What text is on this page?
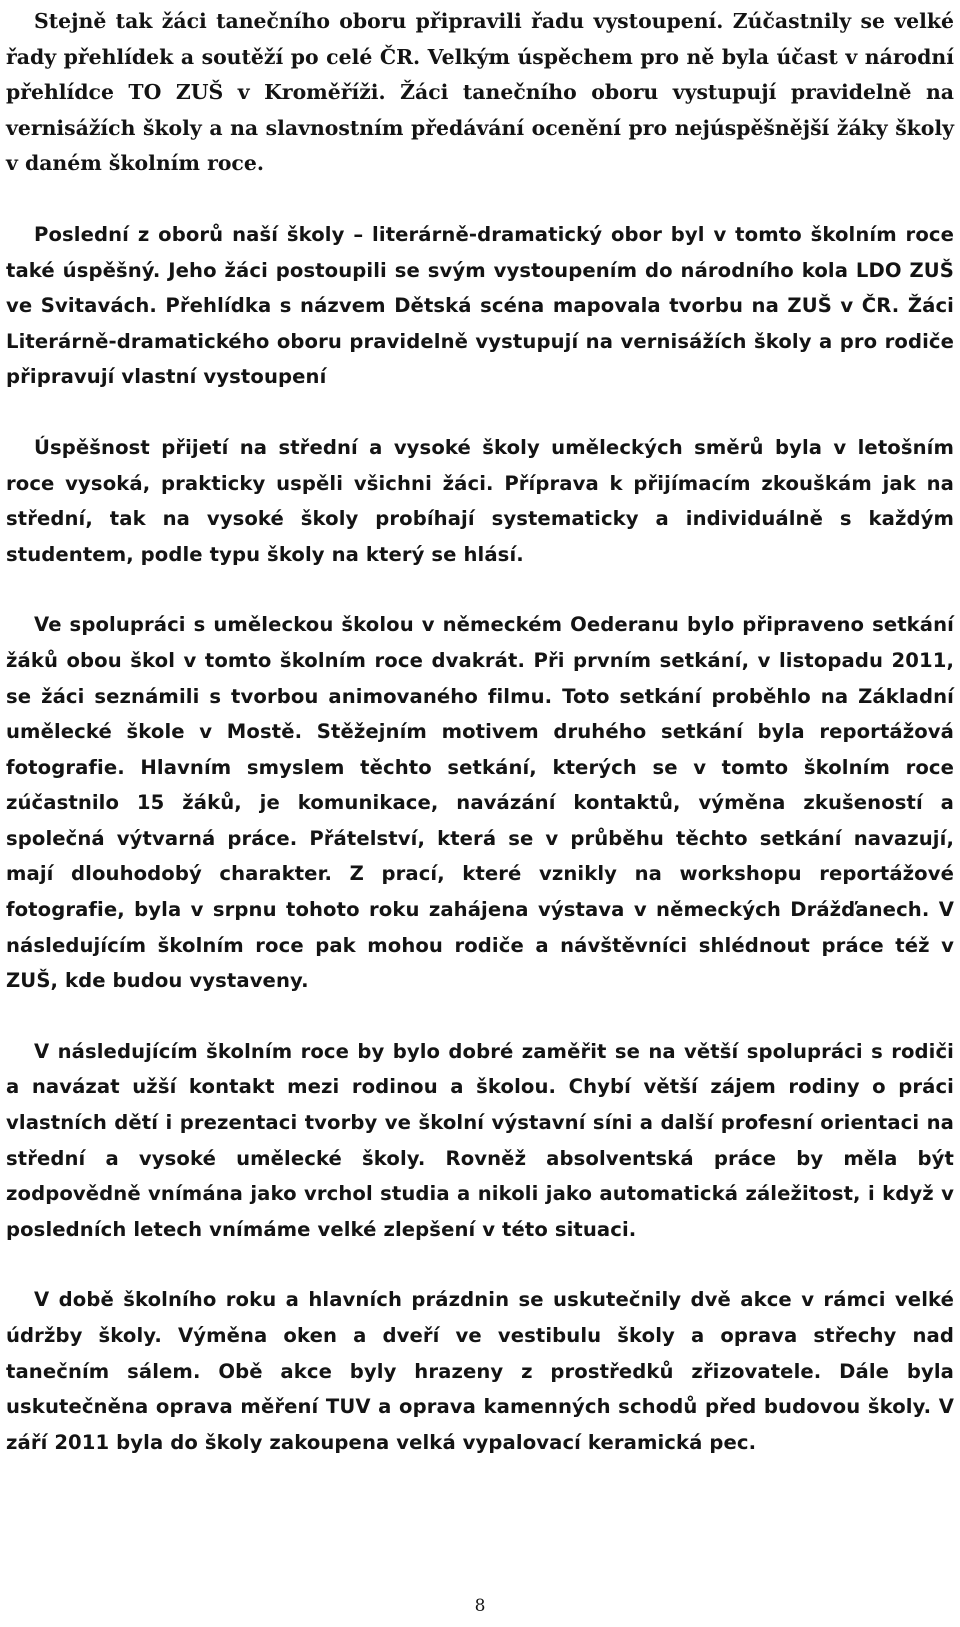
Stejně tak žáci tanečního oboru připravili řadu vystoupení. Zúčastnily se velké řady přehlídek a soutěží po celé ČR. Velkým úspěchem pro ně byla účast v národní přehlídce TO ZUŠ v Kroměříži. Žáci tanečního oboru vystupují pravidelně na vernisážích školy a na slavnostním předávání ocenění pro nejúspěšnější žáky školy v daném školním roce.

Poslední z oborů naší školy – literárně-dramatický obor byl v tomto školním roce také úspěšný. Jeho žáci postoupili se svým vystoupením do národního kola LDO ZUŠ ve Svitavách. Přehlídka s názvem Dětská scéna mapovala tvorbu na ZUŠ v ČR. Žáci Literárně-dramatického oboru pravidelně vystupují na vernisážích školy a pro rodiče připravují vlastní vystoupení

Úspěšnost přijetí na střední a vysoké školy uměleckých směrů byla v letošním roce vysoká, prakticky uspěli všichni žáci. Příprava k přijímacím zkouškám jak na střední, tak na vysoké školy probíhají systematicky a individuálně s každým studentem, podle typu školy na který se hlásí.

Ve spolupráci s uměleckou školou v německém Oederanu bylo připraveno setkání žáků obou škol v tomto školním roce dvakrát. Při prvním setkání, v listopadu 2011, se žáci seznámili s tvorbou animovaného filmu. Toto setkání proběhlo na Základní umělecké škole v Mostě. Stěžejním motivem druhého setkání byla reportážová fotografie. Hlavním smyslem těchto setkání, kterých se v tomto školním roce zúčastnilo 15 žáků, je komunikace, navázání kontaktů, výměna zkušeností a společná výtvarná práce. Přátelství, která se v průběhu těchto setkání navazují, mají dlouhodobý charakter. Z prací, které vznikly na workshopu reportážové fotografie, byla v srpnu tohoto roku zahájena výstava v německých Drážďanech. V následujícím školním roce pak mohou rodiče a návštěvníci shlédnout práce též v ZUŠ, kde budou vystaveny.

V následujícím školním roce by bylo dobré zaměřit se na větší spolupráci s rodiči a navázat užší kontakt mezi rodinou a školou. Chybí větší zájem rodiny o práci vlastních dětí i prezentaci tvorby ve školní výstavní síni a další profesní orientaci na střední a vysoké umělecké školy. Rovněž absolventská práce by měla být zodpovědně vnímána jako vrchol studia a nikoli jako automatická záležitost, i když v posledních letech vnímáme velké zlepšení v této situaci.

V době školního roku a hlavních prázdnin se uskutečnily dvě akce v rámci velké údržby školy. Výměna oken a dveří ve vestibulu školy a oprava střechy nad tanečním sálem. Obě akce byly hrazeny z prostředků zřizovatele. Dále byla uskutečněna oprava měření TUV a oprava kamenných schodů před budovou školy. V září 2011 byla do školy zakoupena velká vypalovací keramická pec.

8
